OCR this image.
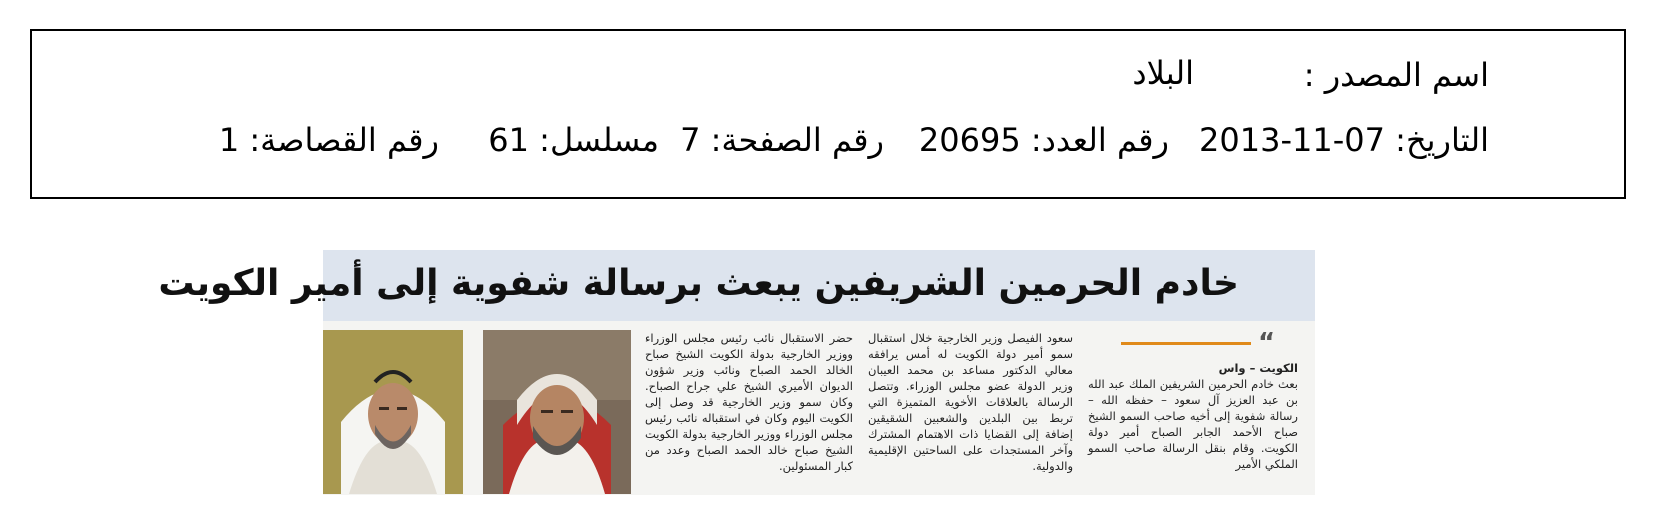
اسم المصدر :
البلاد
التاريخ: 07-11-2013
رقم العدد: 20695
رقم الصفحة: 7
مسلسل: 61
رقم القصاصة: 1
خادم الحرمين الشريفين يبعث برسالة شفوية إلى أمير الكويت
“
الكويت – واس

بعث خادم الحرمين الشريفين الملك عبد الله بن عبد العزيز آل سعود – حفظه الله – رسالة شفوية إلى أخيه صاحب السمو الشيخ صباح الأحمد الجابر الصباح أمير دولة الكويت. وقام بنقل الرسالة صاحب السمو الملكي الأمير

سعود الفيصل وزير الخارجية خلال استقبال سمو أمير دولة الكويت له أمس يرافقه معالي الدكتور مساعد بن محمد العيبان وزير الدولة عضو مجلس الوزراء. وتتصل الرسالة بالعلاقات الأخوية المتميزة التي تربط بين البلدين والشعبين الشقيقين إضافة إلى القضايا ذات الاهتمام المشترك وآخر المستجدات على الساحتين الإقليمية والدولية.

حضر الاستقبال نائب رئيس مجلس الوزراء ووزير الخارجية بدولة الكويت الشيخ صباح الخالد الحمد الصباح ونائب وزير شؤون الديوان الأميري الشيخ علي جراح الصباح. وكان سمو وزير الخارجية قد وصل إلى الكويت اليوم وكان في استقباله نائب رئيس مجلس الوزراء ووزير الخارجية بدولة الكويت الشيخ صباح خالد الحمد الصباح وعدد من كبار المسئولين.
